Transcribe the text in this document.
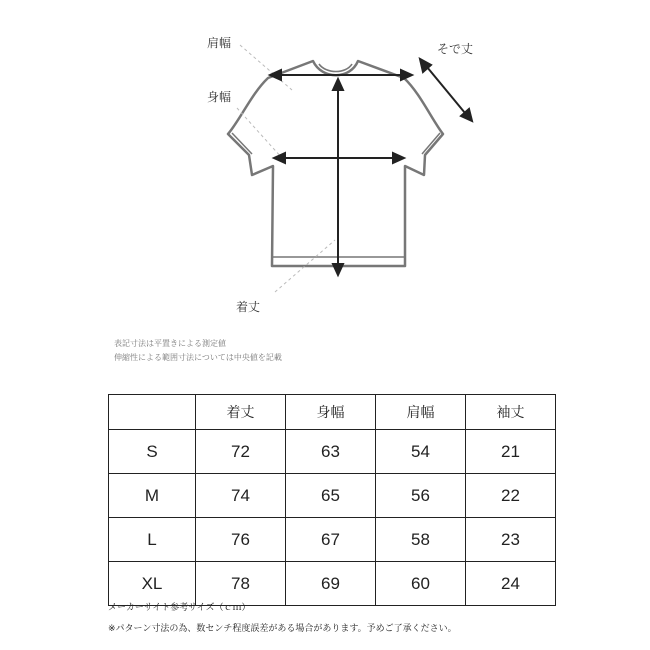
肩幅
身幅
そで丈
着丈
表記寸法は平置きによる測定値
伸縮性による範囲寸法については中央値を記載
	着丈	身幅	肩幅	袖丈
S	72	63	54	21
M	74	65	56	22
L	76	67	58	23
XL	78	69	60	24
メーカーサイト参考サイズ（ｃｍ）
※パターン寸法の為、数センチ程度誤差がある場合があります。予めご了承ください。
